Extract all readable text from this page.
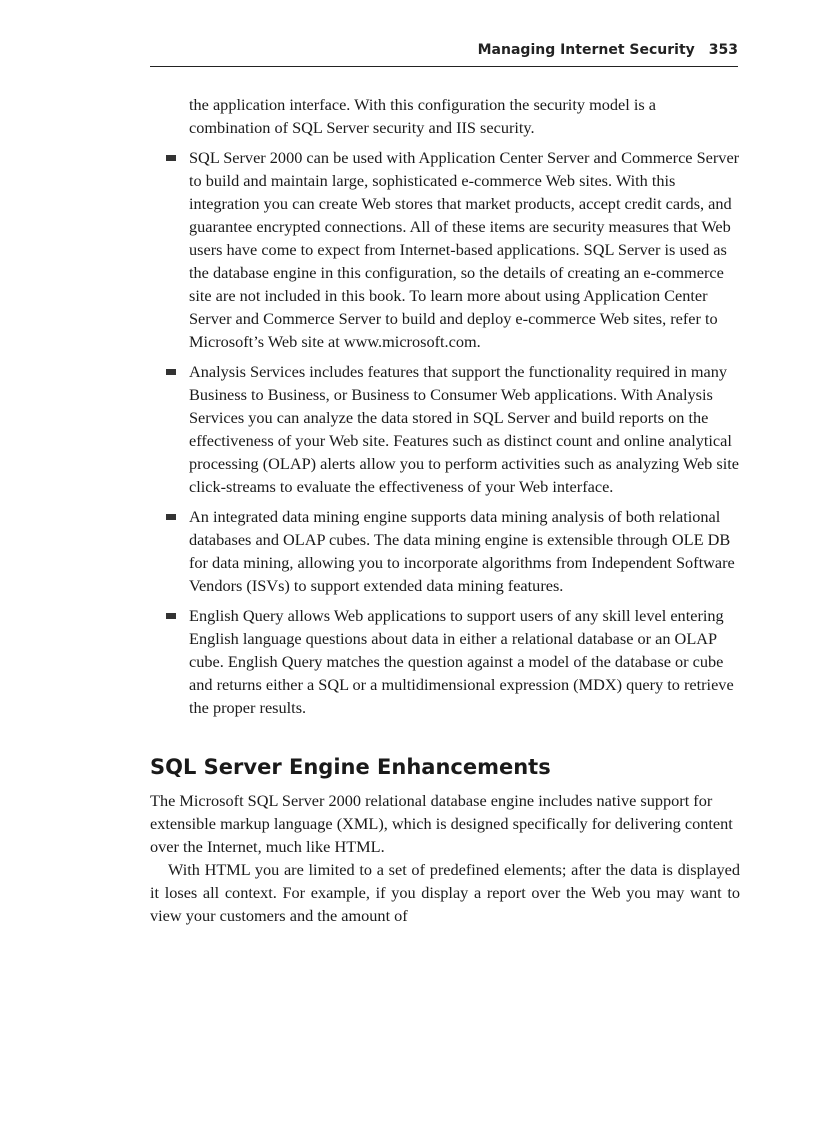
Managing Internet Security 353

the application interface. With this configuration the security model is a combination of SQL Server security and IIS security.

SQL Server 2000 can be used with Application Center Server and Commerce Server to build and maintain large, sophisticated e-commerce Web sites. With this integration you can create Web stores that market products, accept credit cards, and guarantee encrypted connections. All of these items are security measures that Web users have come to expect from Internet-based applications. SQL Server is used as the database engine in this configuration, so the details of creating an e-commerce site are not included in this book. To learn more about using Application Center Server and Commerce Server to build and deploy e-commerce Web sites, refer to Microsoft’s Web site at www.microsoft.com.
Analysis Services includes features that support the functionality required in many Business to Business, or Business to Consumer Web applications. With Analysis Services you can analyze the data stored in SQL Server and build reports on the effectiveness of your Web site. Features such as distinct count and online analytical processing (OLAP) alerts allow you to perform activities such as analyzing Web site click-streams to evaluate the effectiveness of your Web interface.
An integrated data mining engine supports data mining analysis of both relational databases and OLAP cubes. The data mining engine is extensible through OLE DB for data mining, allowing you to incorporate algorithms from Independent Software Vendors (ISVs) to support extended data mining features.
English Query allows Web applications to support users of any skill level entering English language questions about data in either a relational database or an OLAP cube. English Query matches the question against a model of the database or cube and returns either a SQL or a multidimensional expression (MDX) query to retrieve the proper results.
SQL Server Engine Enhancements

The Microsoft SQL Server 2000 relational database engine includes native support for extensible markup language (XML), which is designed specifically for delivering content over the Internet, much like HTML.

With HTML you are limited to a set of predefined elements; after the data is displayed it loses all context. For example, if you display a report over the Web you may want to view your customers and the amount of
